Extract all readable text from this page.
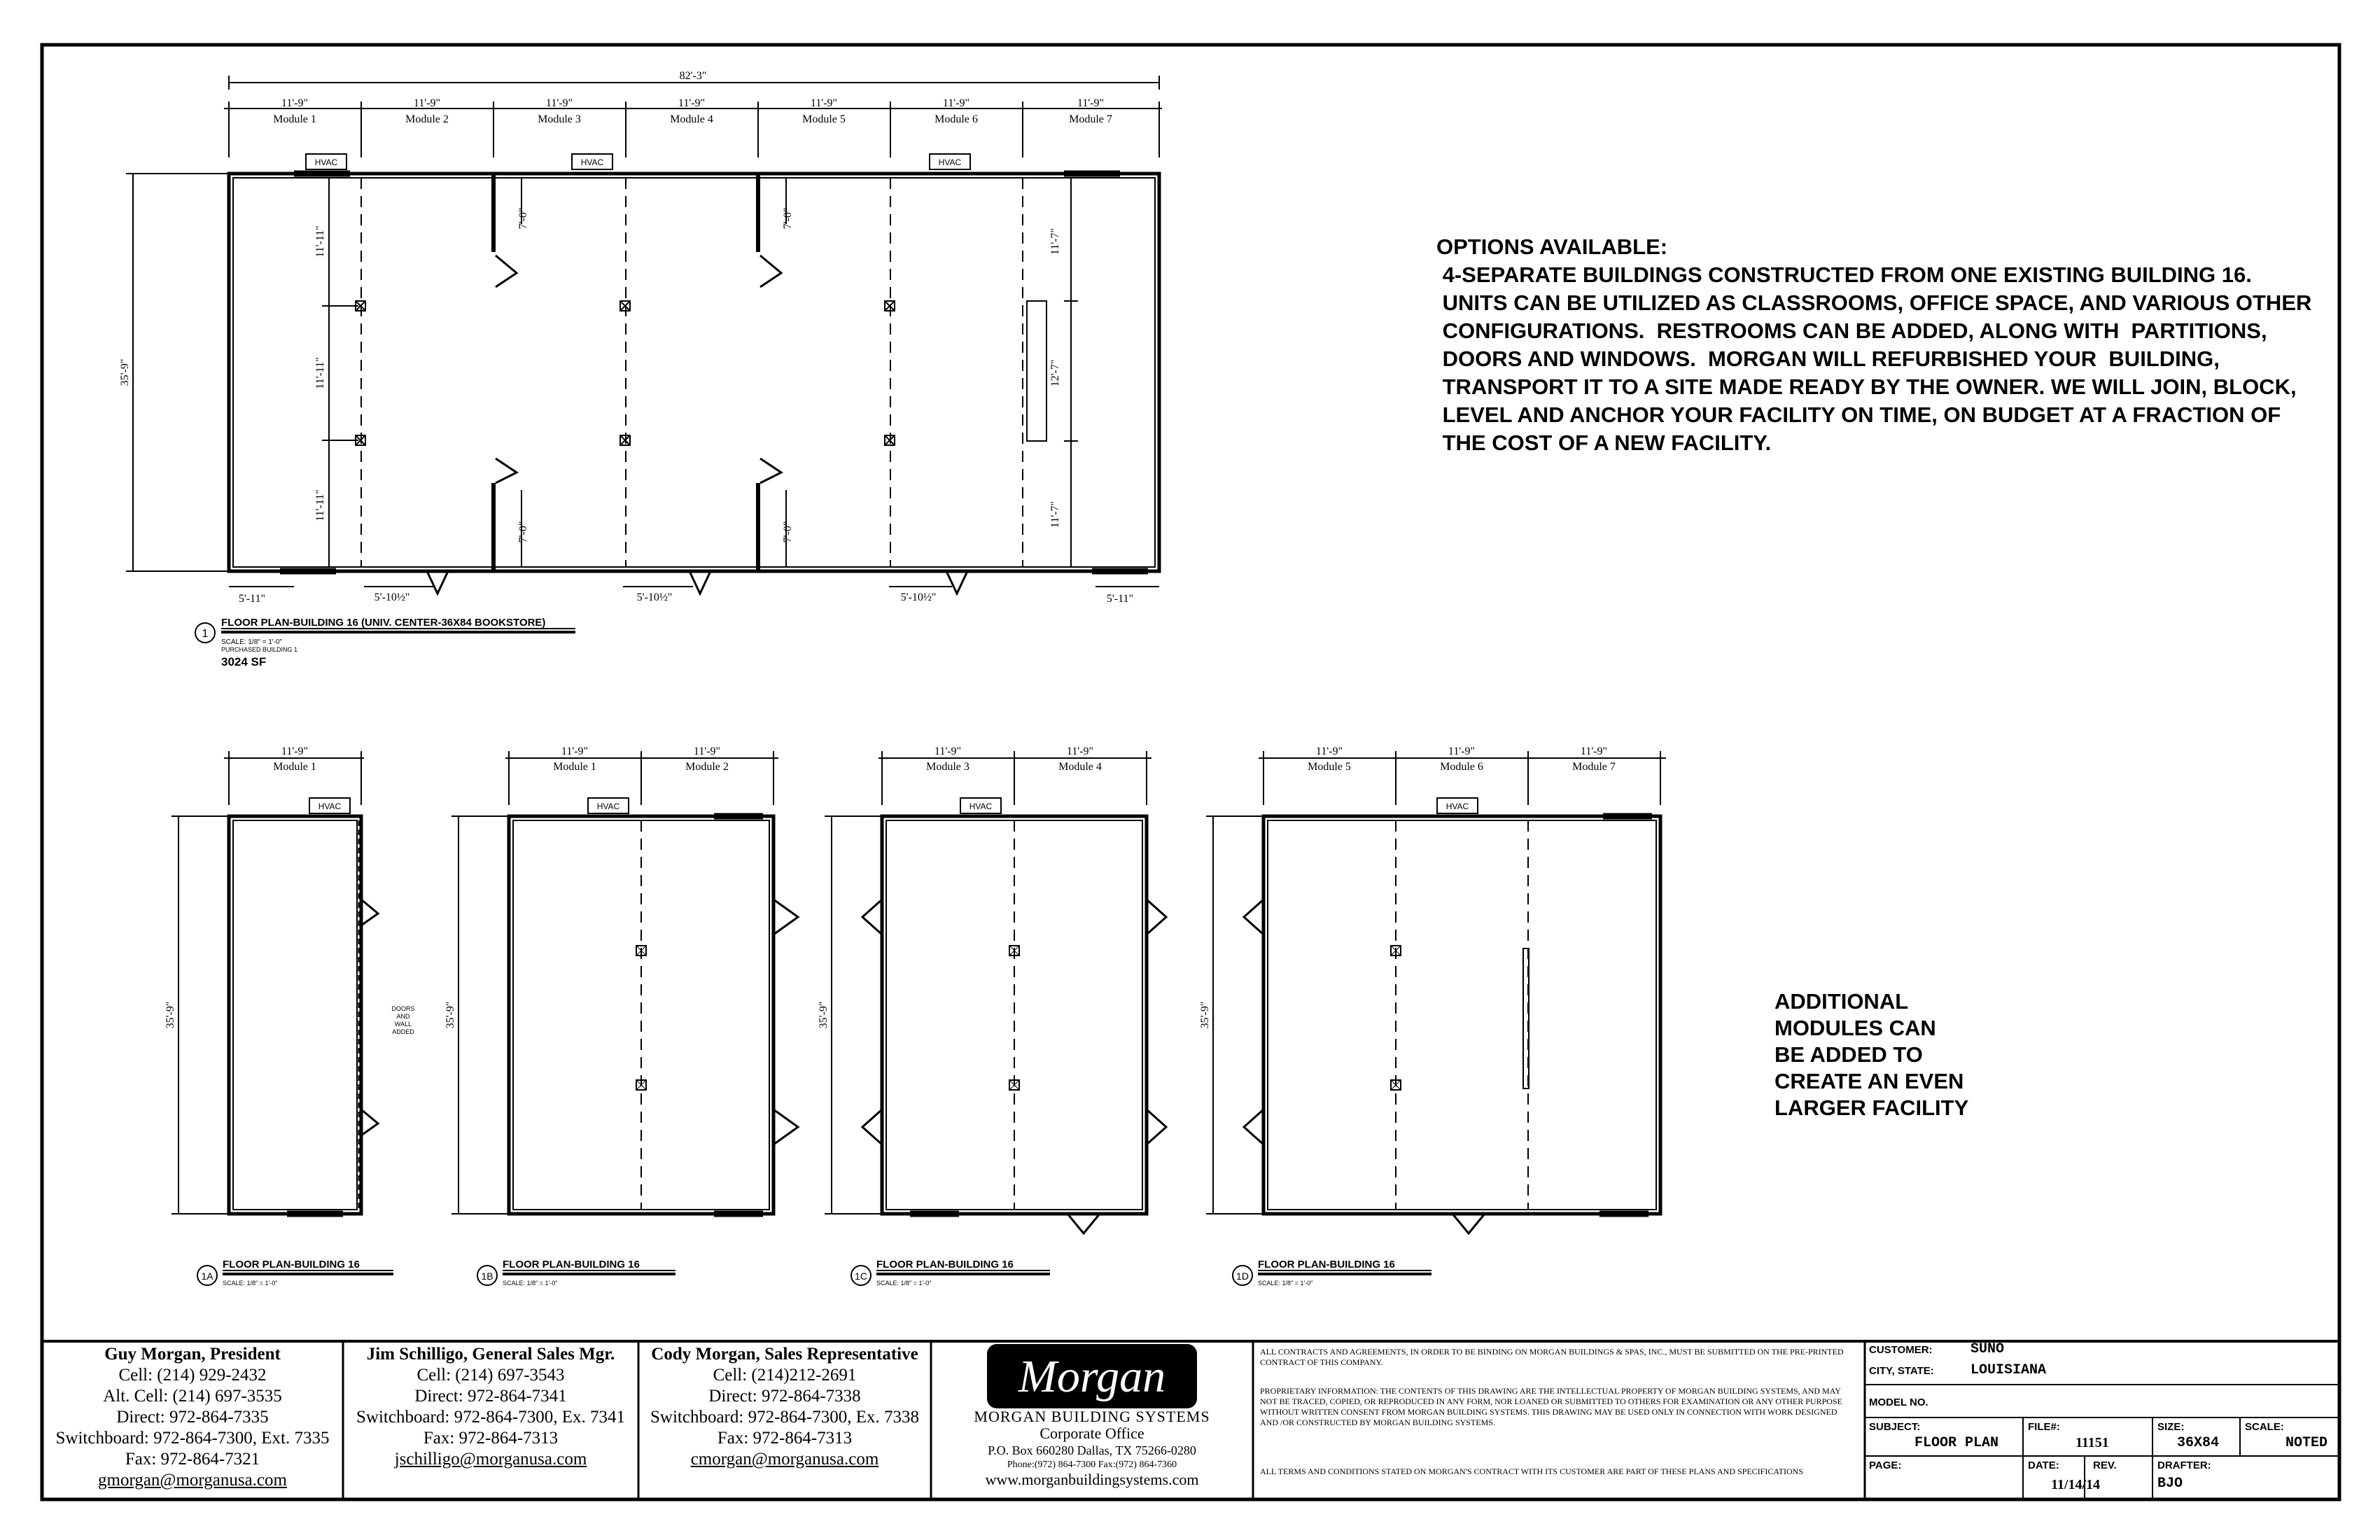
82'-3"
11'-9"	11'-9"	11'-9"	11'-9"	11'-9"	11'-9"	11'-9"
Module 1	Module 2	Module 3	Module 4	Module 5	Module 6	Module 7
HVAC	HVAC	HVAC
35'-9"
11'-11"
11'-11"
11'-11"
7'-0"
7'-0"
7'-0"
7'-0"
11'-7"
12'-7"
11'-7"
5'-11"	5'-10½"	5'-10½"	5'-10½"	5'-11"
1
FLOOR PLAN-BUILDING 16 (UNIV. CENTER-36X84 BOOKSTORE)
SCALE: 1/8" = 1'-0"
PURCHASED BUILDING 1
3024 SF
11'-9"
Module 1
11'-9"	11'-9"
Module 1	Module 2
11'-9"	11'-9"
Module 3	Module 4
11'-9"	11'-9"	11'-9"
Module 5	Module 6	Module 7
35'-9"	35'-9"	35'-9"	35'-9"
HVAC	HVAC	HVAC	HVAC
DOORS
AND
WALL
ADDED
1A
FLOOR PLAN-BUILDING 16
SCALE: 1/8" = 1'-0"
1B
FLOOR PLAN-BUILDING 16
SCALE: 1/8" = 1'-0"
1C
FLOOR PLAN-BUILDING 16
SCALE: 1/8" = 1'-0"
1D
FLOOR PLAN-BUILDING 16
SCALE: 1/8" = 1'-0"
Morgan
OPTIONS AVAILABLE:
4-SEPARATE BUILDINGS CONSTRUCTED FROM ONE EXISTING BUILDING 16.
UNITS CAN BE UTILIZED AS CLASSROOMS, OFFICE SPACE, AND VARIOUS OTHER
CONFIGURATIONS.  RESTROOMS CAN BE ADDED, ALONG WITH  PARTITIONS,
DOORS AND WINDOWS.  MORGAN WILL REFURBISHED YOUR  BUILDING,
TRANSPORT IT TO A SITE MADE READY BY THE OWNER. WE WILL JOIN, BLOCK,
LEVEL AND ANCHOR YOUR FACILITY ON TIME, ON BUDGET AT A FRACTION OF
THE COST OF A NEW FACILITY.
ADDITIONAL
MODULES CAN
BE ADDED TO
CREATE AN EVEN
LARGER FACILITY
Guy Morgan, President
Cell: (214) 929-2432
Alt. Cell: (214) 697-3535
Direct: 972-864-7335
Switchboard: 972-864-7300, Ext. 7335
Fax: 972-864-7321
gmorgan@morganusa.com
Jim Schilligo, General Sales Mgr.
Cell: (214) 697-3543
Direct: 972-864-7341
Switchboard: 972-864-7300, Ex. 7341
Fax: 972-864-7313
jschilligo@morganusa.com
Cody Morgan, Sales Representative
Cell: (214)212-2691
Direct: 972-864-7338
Switchboard: 972-864-7300, Ex. 7338
Fax: 972-864-7313
cmorgan@morganusa.com
MORGAN BUILDING SYSTEMS
Corporate Office
P.O. Box 660280 Dallas, TX 75266-0280
Phone:(972) 864-7300 Fax:(972) 864-7360
www.morganbuildingsystems.com
ALL CONTRACTS AND AGREEMENTS, IN ORDER TO BE BINDING ON MORGAN BUILDINGS & SPAS, INC., MUST BE SUBMITTED ON THE PRE-PRINTED CONTRACT OF THIS COMPANY.
PROPRIETARY INFORMATION: THE CONTENTS OF THIS DRAWING ARE THE INTELLECTUAL PROPERTY OF MORGAN BUILDING SYSTEMS, AND MAY NOT BE TRACED, COPIED, OR REPRODUCED IN ANY FORM, NOR LOANED OR SUBMITTED TO OTHERS FOR EXAMINATION OR ANY OTHER PURPOSE WITHOUT WRITTEN CONSENT FROM MORGAN BUILDING SYSTEMS. THIS DRAWING MAY BE USED ONLY IN CONNECTION WITH WORK DESIGNED AND /OR CONSTRUCTED BY MORGAN BUILDING SYSTEMS.
ALL TERMS AND CONDITIONS STATED ON MORGAN'S CONTRACT WITH ITS CUSTOMER ARE PART OF THESE PLANS AND SPECIFICATIONS
CUSTOMER:	SUNO
CITY, STATE:	LOUISIANA
MODEL NO.
SUBJECT:
FLOOR PLAN
FILE#:
11151
SIZE:
36X84
SCALE:
NOTED
PAGE:	DATE:
11/14/14
REV.	DRAFTER:
BJO
